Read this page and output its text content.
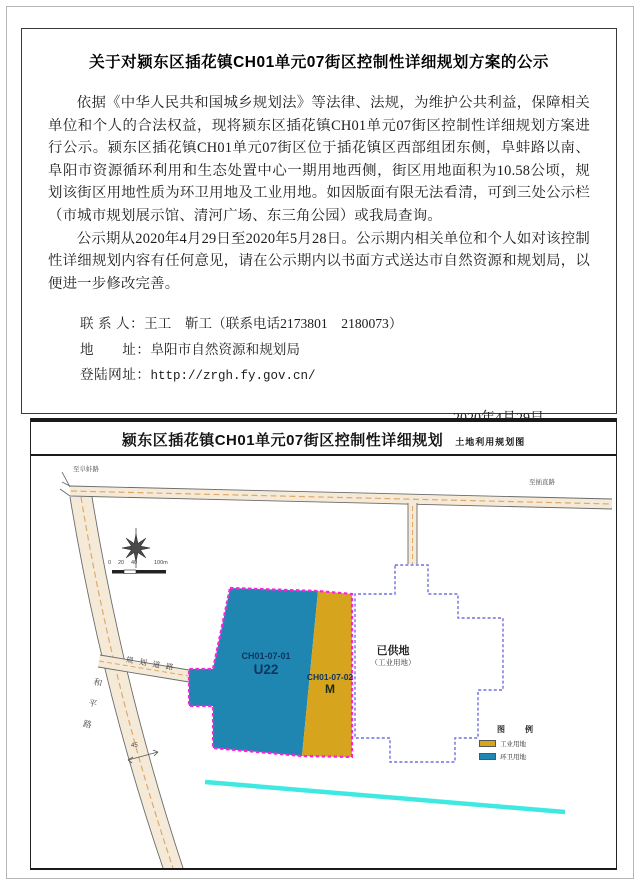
关于对颍东区插花镇CH01单元07街区控制性详细规划方案的公示

依据《中华人民共和国城乡规划法》等法律、法规，为维护公共利益，保障相关单位和个人的合法权益，现将颍东区插花镇CH01单元07街区控制性详细规划方案进行公示。颍东区插花镇CH01单元07街区位于插花镇区西部组团东侧，阜蚌路以南、阜阳市资源循环利用和生态处置中心一期用地西侧，街区用地面积为10.58公顷，规划该街区用地性质为环卫用地及工业用地。如因版面有限无法看清，可到三处公示栏（市城市规划展示馆、清河广场、东三角公园）或我局查询。

公示期从2020年4月29日至2020年5月28日。公示期内相关单位和个人如对该控制性详细规划内容有任何意见，请在公示期内以书面方式送达市自然资源和规划局，以便进一步修改完善。

联 系 人：王工　靳工（联系电话2173801　2180073）
地　　址：阜阳市自然资源和规划局
登陆网址：http://zrgh.fy.gov.cn/
颍东区插花镇CH01单元07街区控制性详细规划 土地利用规划图
至阜蚌路
至插直路
规划道路
和平路
45
CH01-07-01
U22	CH01-07-02
M
已供地
（工业用地）
0 20 40	100m
图　例
工业用地
环卫用地
